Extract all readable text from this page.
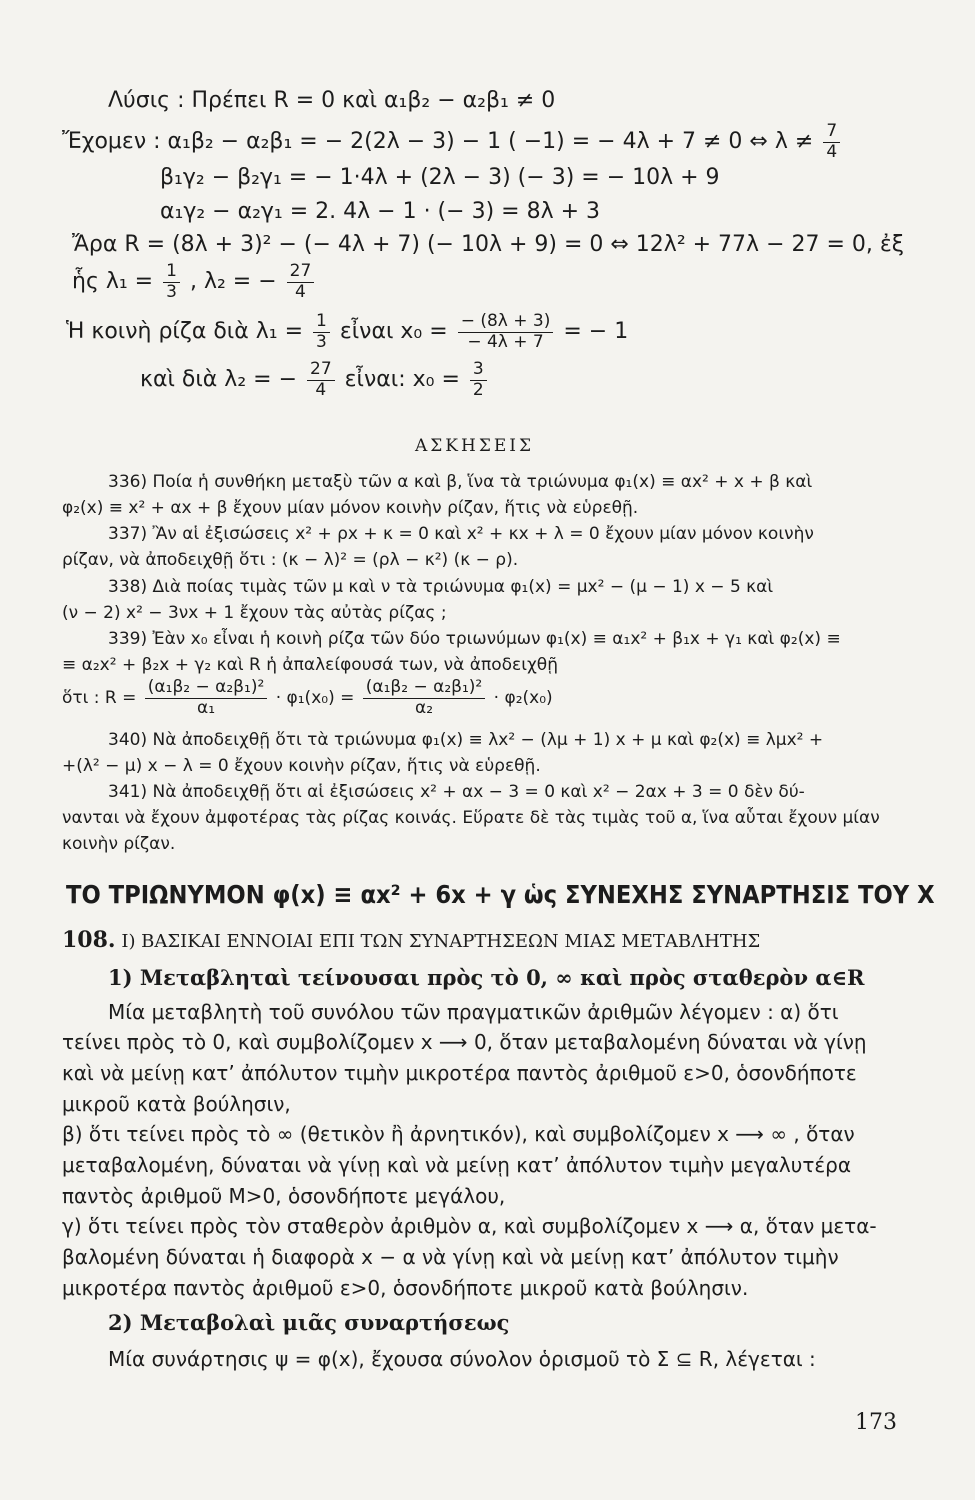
Λύσις : Πρέπει R = 0 καὶ α₁β₂ − α₂β₁ ≠ 0
Ἔχομεν : α₁β₂ − α₂β₁ = − 2(2λ − 3) − 1 ( −1) = − 4λ + 7 ≠ 0 ⇔ $\lambda \ne \frac{7}{4}$
β₁γ₂ − β₂γ₁ = − 1·4λ + (2λ − 3) (− 3) = − 10λ + 9
α₁γ₂ − α₂γ₁ = 2. 4λ − 1 · (− 3) = 8λ + 3
Ἄρα R = (8λ + 3)² − (− 4λ + 7) (− 10λ + 9) = 0 ⇔ 12λ² + 77λ − 27 = 0, ἐξ
ἧς $\lambda_1 = \frac{1}{3}$ , λ₂ = − $\frac{27}{4}$
Ἡ κοινὴ ρίζα διὰ $\lambda_1 = \frac{1}{3}$ εἶναι $x_0 = \frac{- (8\lambda + 3)}{- 4\lambda + 7}$ = − 1
καὶ διὰ λ₂ = − $\frac{27}{4}$ εἶναι: $x_0 = \frac{3}{2}$
ΑΣΚΗΣΕΙΣ
336) Ποία ἡ συνθήκη μεταξὺ τῶν α καὶ β, ἵνα τὰ τριώνυμα φ₁(x) ≡ αx² + x + β καὶ
φ₂(x) ≡ x² + αx + β ἔχουν μίαν μόνον κοινὴν ρίζαν, ἥτις νὰ εὑρεθῇ.
337) Ἂν αἱ ἐξισώσεις x² + ρx + κ = 0 καὶ x² + κx + λ = 0 ἔχουν μίαν μόνον κοινὴν
ρίζαν, νὰ ἀποδειχθῇ ὅτι : (κ − λ)² = (ρλ − κ²) (κ − ρ).
338) Διὰ ποίας τιμὰς τῶν μ καὶ ν τὰ τριώνυμα φ₁(x) = μx² − (μ − 1) x − 5 καὶ
(ν − 2) x² − 3νx + 1 ἔχουν τὰς αὐτὰς ρίζας ;
339) Ἐὰν x₀ εἶναι ἡ κοινὴ ρίζα τῶν δύο τριωνύμων φ₁(x) ≡ α₁x² + β₁x + γ₁ καὶ φ₂(x) ≡
≡ α₂x² + β₂x + γ₂ καὶ R ἡ ἀπαλείφουσά των, νὰ ἀποδειχθῇ
ὅτι : $R = \frac{\text{(α₁β₂ − α₂β₁)²}}{\text{α₁}} \cdot \varphi_1(x_0) = \frac{\text{(α₁β₂ − α₂β₁)²}}{\text{α₂}} \cdot \varphi_2(x_0)$
340) Νὰ ἀποδειχθῇ ὅτι τὰ τριώνυμα φ₁(x) ≡ λx² − (λμ + 1) x + μ καὶ φ₂(x) ≡ λμx² +
+(λ² − μ) x − λ = 0 ἔχουν κοινὴν ρίζαν, ἥτις νὰ εὑρεθῇ.
341) Νὰ ἀποδειχθῇ ὅτι αἱ ἐξισώσεις x² + αx − 3 = 0 καὶ x² − 2αx + 3 = 0 δὲν δύ-
νανται νὰ ἔχουν ἀμφοτέρας τὰς ρίζας κοινάς. Εὕρατε δὲ τὰς τιμὰς τοῦ α, ἵνα αὗται ἔχουν μίαν
κοινὴν ρίζαν.
ΤΟ ΤΡΙΩΝΥΜΟΝ φ(x) ≡ αx² + 6x + γ ὡς ΣΥΝΕΧΗΣ ΣΥΝΑΡΤΗΣΙΣ ΤΟΥ X
108. Ι) ΒΑΣΙΚΑΙ ΕΝΝΟΙΑΙ ΕΠΙ ΤΩΝ ΣΥΝΑΡΤΗΣΕΩΝ ΜΙΑΣ ΜΕΤΑΒΛΗΤΗΣ
1) Μεταβληταὶ τείνουσαι πρὸς τὸ 0, ∞ καὶ πρὸς σταθερὸν α∈R
Μία μεταβλητὴ τοῦ συνόλου τῶν πραγματικῶν ἀριθμῶν λέγομεν : α) ὅτι
τείνει πρὸς τὸ 0, καὶ συμβολίζομεν x ⟶ 0, ὅταν μεταβαλομένη δύναται νὰ γίνῃ
καὶ νὰ μείνῃ κατ’ ἀπόλυτον τιμὴν μικροτέρα παντὸς ἀριθμοῦ ε>0, ὁσονδήποτε
μικροῦ κατὰ βούλησιν,
β) ὅτι τείνει πρὸς τὸ ∞ (θετικὸν ἢ ἀρνητικόν), καὶ συμβολίζομεν x ⟶ ∞ , ὅταν
μεταβαλομένη, δύναται νὰ γίνῃ καὶ νὰ μείνῃ κατ’ ἀπόλυτον τιμὴν μεγαλυτέρα
παντὸς ἀριθμοῦ M>0, ὁσονδήποτε μεγάλου,
γ) ὅτι τείνει πρὸς τὸν σταθερὸν ἀριθμὸν α, καὶ συμβολίζομεν x ⟶ α, ὅταν μετα-
βαλομένη δύναται ἡ διαφορὰ x − α νὰ γίνῃ καὶ νὰ μείνῃ κατ’ ἀπόλυτον τιμὴν
μικροτέρα παντὸς ἀριθμοῦ ε>0, ὁσονδήποτε μικροῦ κατὰ βούλησιν.
2) Μεταβολαὶ μιᾶς συναρτήσεως
Μία συνάρτησις ψ = φ(x), ἔχουσα σύνολον ὁρισμοῦ τὸ Σ ⊆ R, λέγεται :
173
